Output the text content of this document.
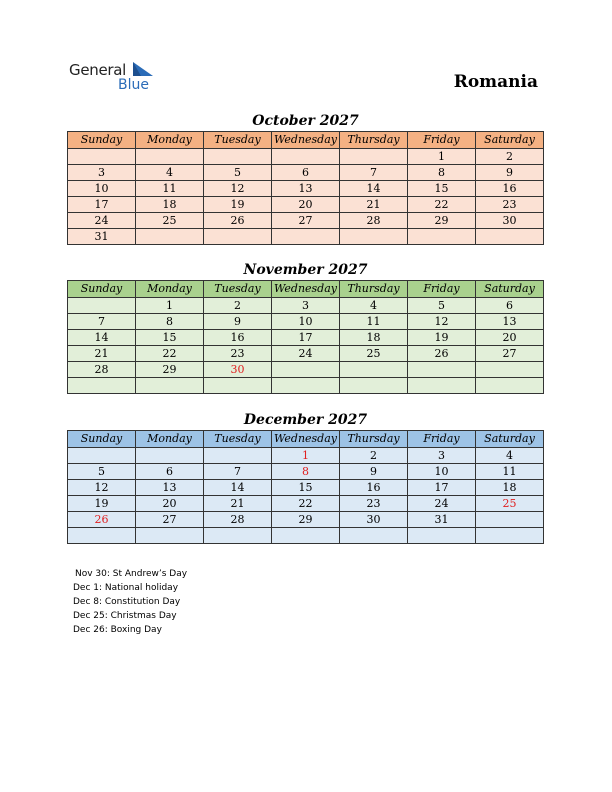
General
Blue	Romania
October 2027
Sunday	Monday	Tuesday	Wednesday	Thursday	Friday	Saturday
					1	2
3	4	5	6	7	8	9
10	11	12	13	14	15	16
17	18	19	20	21	22	23
24	25	26	27	28	29	30
31						
November 2027
Sunday	Monday	Tuesday	Wednesday	Thursday	Friday	Saturday
	1	2	3	4	5	6
7	8	9	10	11	12	13
14	15	16	17	18	19	20
21	22	23	24	25	26	27
28	29	30				

December 2027
Sunday	Monday	Tuesday	Wednesday	Thursday	Friday	Saturday
			1	2	3	4
5	6	7	8	9	10	11
12	13	14	15	16	17	18
19	20	21	22	23	24	25
26	27	28	29	30	31	

Nov 30: St Andrew’s Day
Dec 1: National holiday
Dec 8: Constitution Day
Dec 25: Christmas Day
Dec 26: Boxing Day
